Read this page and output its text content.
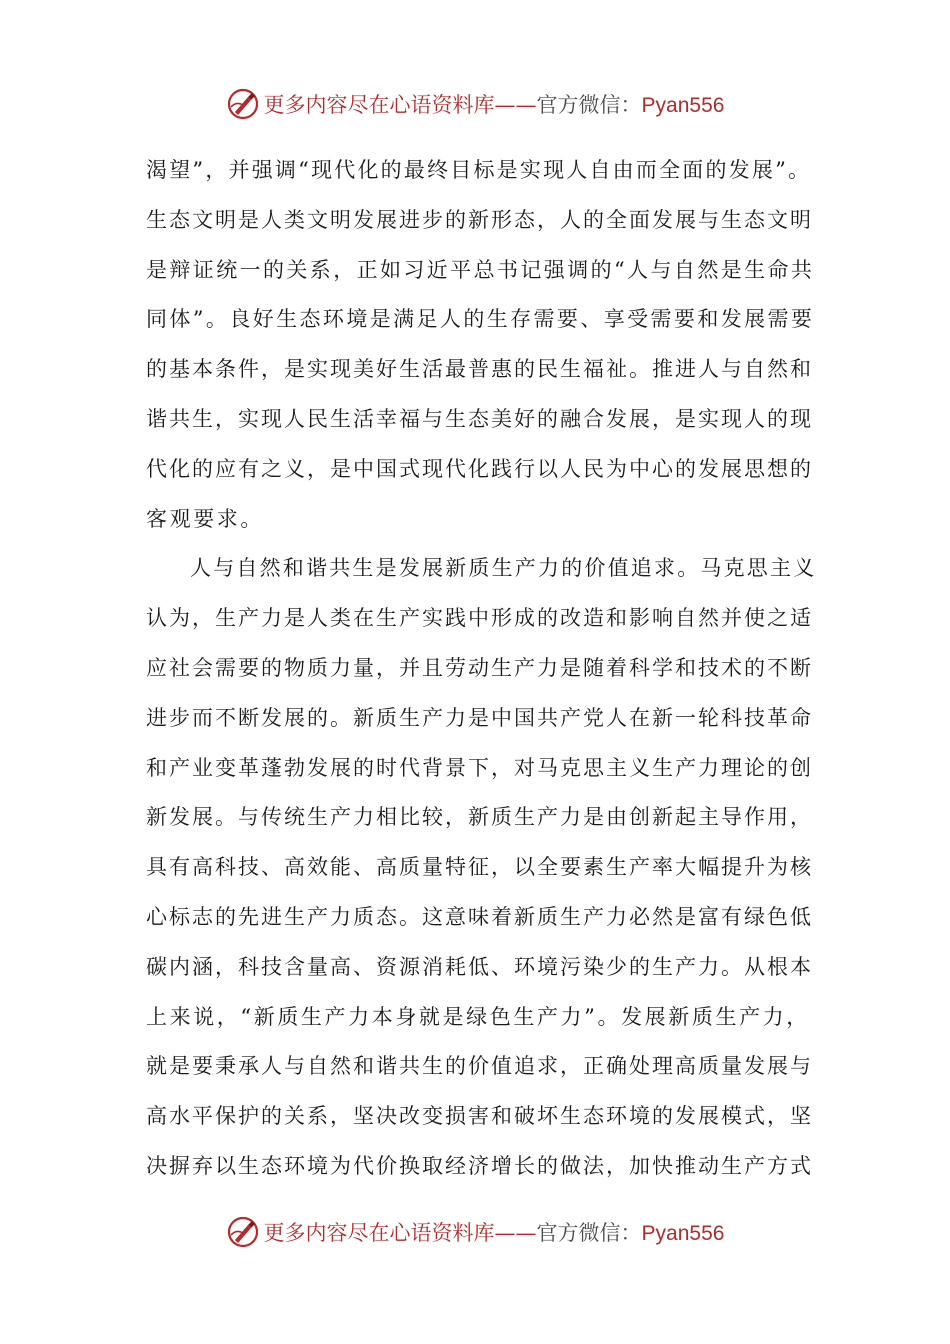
更多内容尽在心语资料库——官方微信：Pyan556
渴望”，并强调“现代化的最终目标是实现人自由而全面的发展”。
生态文明是人类文明发展进步的新形态，人的全面发展与生态文明
是辩证统一的关系，正如习近平总书记强调的“人与自然是生命共
同体”。良好生态环境是满足人的生存需要、享受需要和发展需要
的基本条件，是实现美好生活最普惠的民生福祉。推进人与自然和
谐共生，实现人民生活幸福与生态美好的融合发展，是实现人的现
代化的应有之义，是中国式现代化践行以人民为中心的发展思想的
客观要求。
人与自然和谐共生是发展新质生产力的价值追求。马克思主义
认为，生产力是人类在生产实践中形成的改造和影响自然并使之适
应社会需要的物质力量，并且劳动生产力是随着科学和技术的不断
进步而不断发展的。新质生产力是中国共产党人在新一轮科技革命
和产业变革蓬勃发展的时代背景下，对马克思主义生产力理论的创
新发展。与传统生产力相比较，新质生产力是由创新起主导作用，
具有高科技、高效能、高质量特征，以全要素生产率大幅提升为核
心标志的先进生产力质态。这意味着新质生产力必然是富有绿色低
碳内涵，科技含量高、资源消耗低、环境污染少的生产力。从根本
上来说，“新质生产力本身就是绿色生产力”。发展新质生产力，
就是要秉承人与自然和谐共生的价值追求，正确处理高质量发展与
高水平保护的关系，坚决改变损害和破坏生态环境的发展模式，坚
决摒弃以生态环境为代价换取经济增长的做法，加快推动生产方式
更多内容尽在心语资料库——官方微信：Pyan556
